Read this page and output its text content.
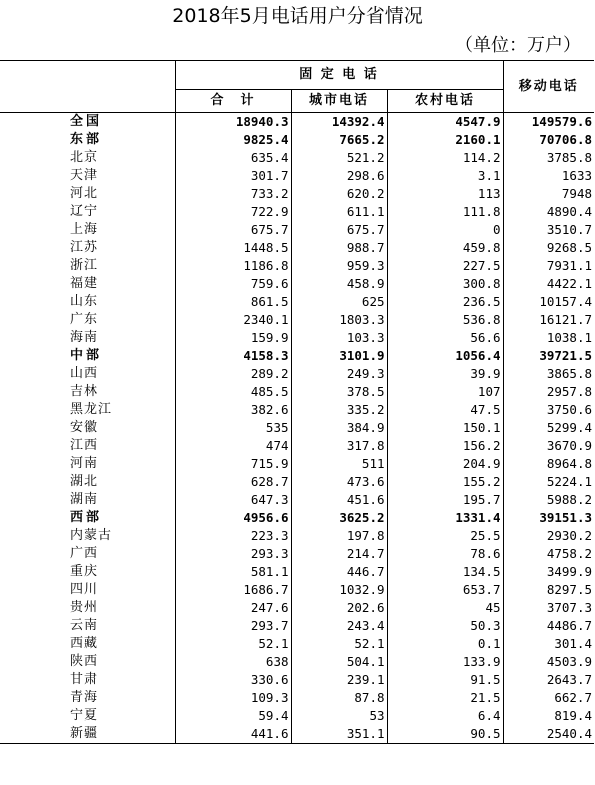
2018年5月电话用户分省情况
（单位：万户）
	固 定 电 话			移动电话
	合　计	城市电话	农村电话	
全国	18940.3	14392.4	4547.9	149579.6
东部	9825.4	7665.2	2160.1	70706.8
北京	635.4	521.2	114.2	3785.8
天津	301.7	298.6	3.1	1633
河北	733.2	620.2	113	7948
辽宁	722.9	611.1	111.8	4890.4
上海	675.7	675.7	0	3510.7
江苏	1448.5	988.7	459.8	9268.5
浙江	1186.8	959.3	227.5	7931.1
福建	759.6	458.9	300.8	4422.1
山东	861.5	625	236.5	10157.4
广东	2340.1	1803.3	536.8	16121.7
海南	159.9	103.3	56.6	1038.1
中部	4158.3	3101.9	1056.4	39721.5
山西	289.2	249.3	39.9	3865.8
吉林	485.5	378.5	107	2957.8
黑龙江	382.6	335.2	47.5	3750.6
安徽	535	384.9	150.1	5299.4
江西	474	317.8	156.2	3670.9
河南	715.9	511	204.9	8964.8
湖北	628.7	473.6	155.2	5224.1
湖南	647.3	451.6	195.7	5988.2
西部	4956.6	3625.2	1331.4	39151.3
内蒙古	223.3	197.8	25.5	2930.2
广西	293.3	214.7	78.6	4758.2
重庆	581.1	446.7	134.5	3499.9
四川	1686.7	1032.9	653.7	8297.5
贵州	247.6	202.6	45	3707.3
云南	293.7	243.4	50.3	4486.7
西藏	52.1	52.1	0.1	301.4
陕西	638	504.1	133.9	4503.9
甘肃	330.6	239.1	91.5	2643.7
青海	109.3	87.8	21.5	662.7
宁夏	59.4	53	6.4	819.4
新疆	441.6	351.1	90.5	2540.4
